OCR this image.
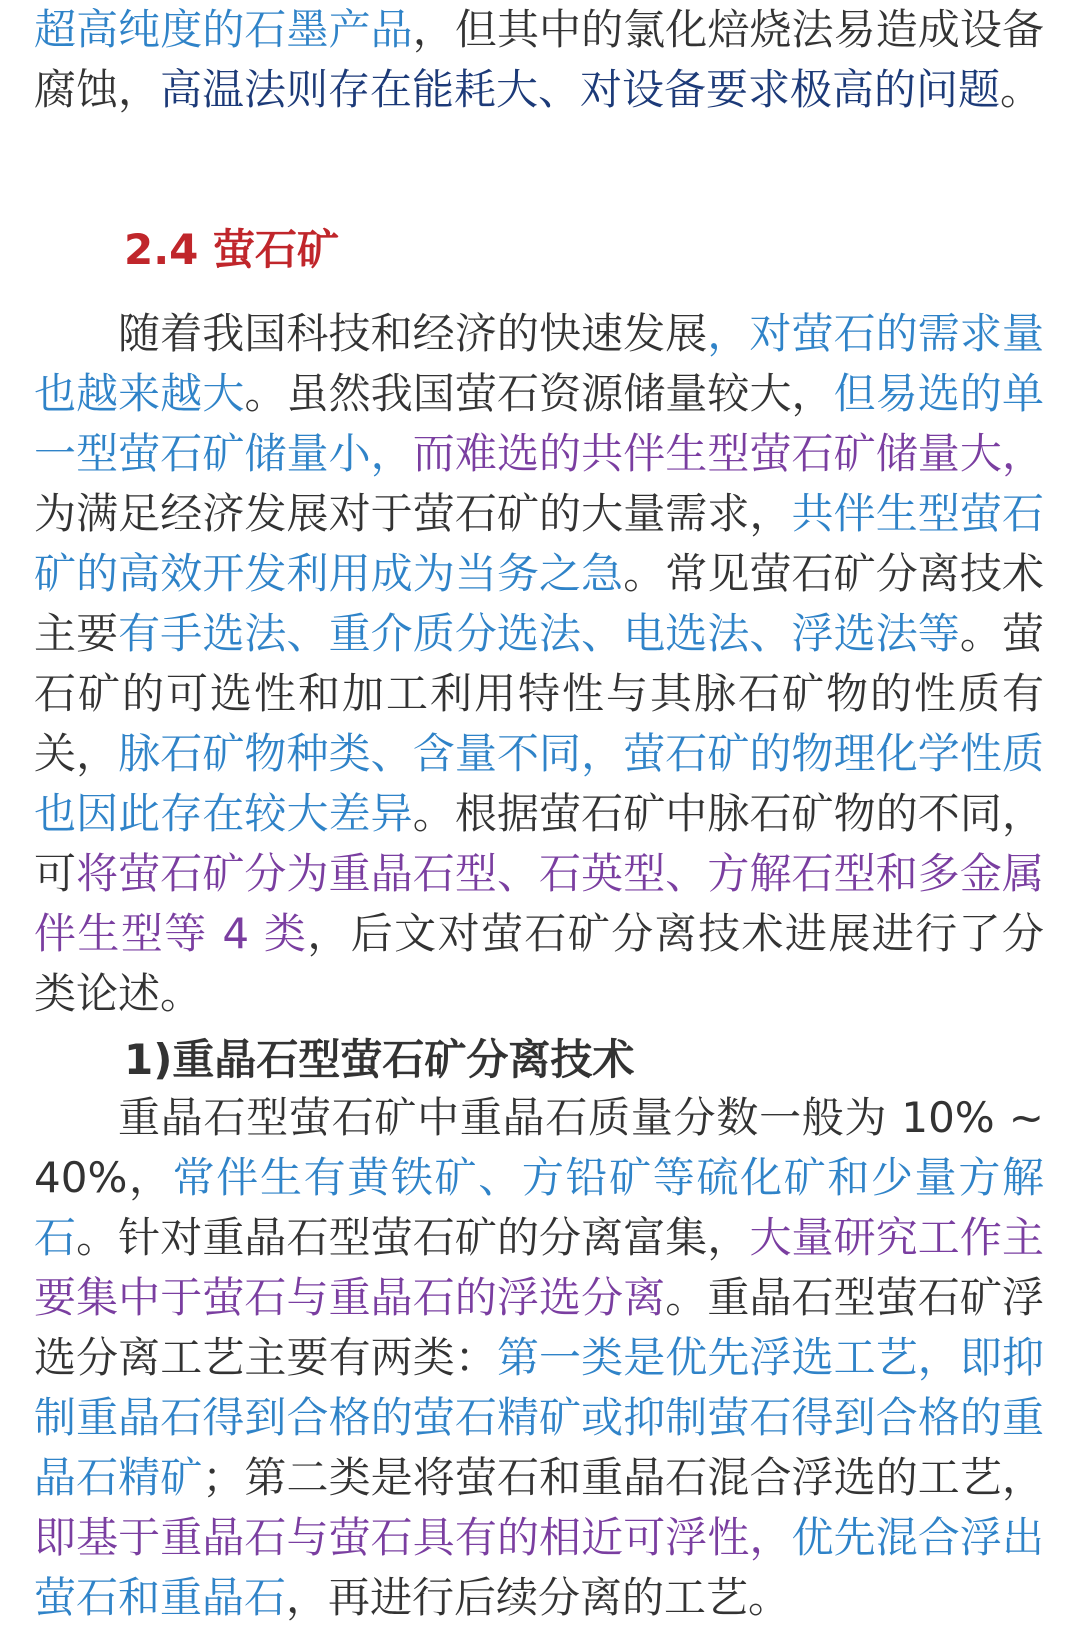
超高纯度的石墨产品，但其中的氯化焙烧法易造成设备腐蚀，高温法则存在能耗大、对设备要求极高的问题。

2.4 萤石矿

随着我国科技和经济的快速发展，对萤石的需求量也越来越大。虽然我国萤石资源储量较大，但易选的单一型萤石矿储量小，而难选的共伴生型萤石矿储量大，为满足经济发展对于萤石矿的大量需求，共伴生型萤石矿的高效开发利用成为当务之急。常见萤石矿分离技术主要有手选法、重介质分选法、电选法、浮选法等。萤石矿的可选性和加工利用特性与其脉石矿物的性质有关，脉石矿物种类、含量不同，萤石矿的物理化学性质也因此存在较大差异。根据萤石矿中脉石矿物的不同，可将萤石矿分为重晶石型、石英型、方解石型和多金属伴生型等 4 类，后文对萤石矿分离技术进展进行了分类论述。

1)重晶石型萤石矿分离技术

重晶石型萤石矿中重晶石质量分数一般为 10% ~ 40%，常伴生有黄铁矿、方铅矿等硫化矿和少量方解石。针对重晶石型萤石矿的分离富集，大量研究工作主要集中于萤石与重晶石的浮选分离。重晶石型萤石矿浮选分离工艺主要有两类：第一类是优先浮选工艺，即抑制重晶石得到合格的萤石精矿或抑制萤石得到合格的重晶石精矿；第二类是将萤石和重晶石混合浮选的工艺，即基于重晶石与萤石具有的相近可浮性，优先混合浮出萤石和重晶石，再进行后续分离的工艺。
